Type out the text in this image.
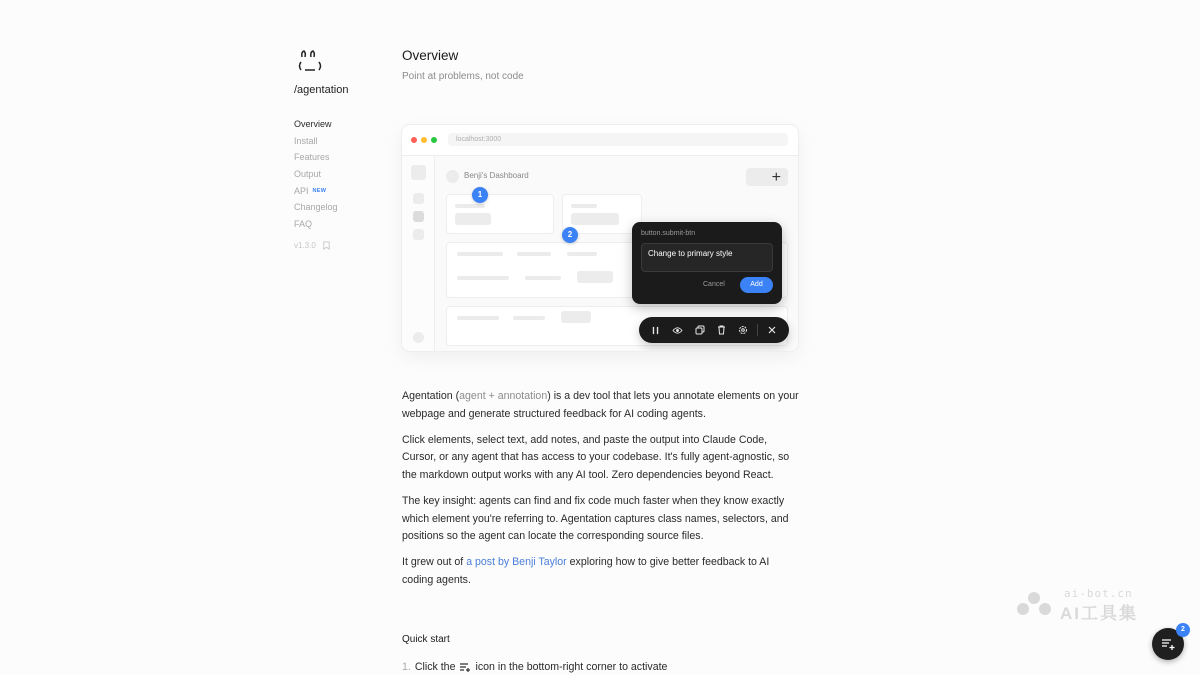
/agentation
Overview
Install
Features
Output
API NEW
Changelog
FAQ
v1.3.0
Overview

Point at problems, not code

localhost:3000
Benji's Dashboard	+
1
2	button.submit-btn
Change to primary style
Cancel	Add

Agentation (agent + annotation) is a dev tool that lets you annotate elements on your webpage and generate structured feedback for AI coding agents.

Click elements, select text, add notes, and paste the output into Claude Code, Cursor, or any agent that has access to your codebase. It's fully agent-agnostic, so the markdown output works with any AI tool. Zero dependencies beyond React.

The key insight: agents can find and fix code much faster when they know exactly which element you're referring to. Agentation captures class names, selectors, and positions so the agent can locate the corresponding source files.

It grew out of a post by Benji Taylor exploring how to give better feedback to AI coding agents.

Quick start
1. Click the icon in the bottom-right corner to activate
ai-bot.cn
AI工具集
2
